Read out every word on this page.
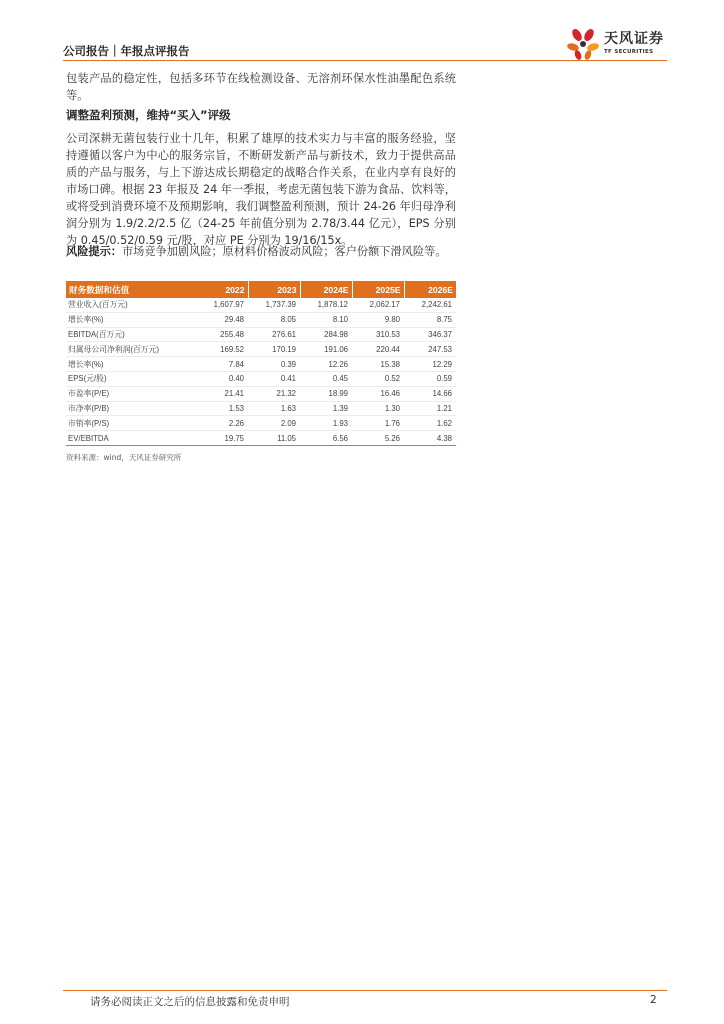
公司报告｜年报点评报告
天风证券
TF SECURITIES

包装产品的稳定性，包括多环节在线检测设备、无溶剂环保水性油墨配色系统等。

调整盈利预测，维持“买入”评级

公司深耕无菌包装行业十几年，积累了雄厚的技术实力与丰富的服务经验，坚持遵循以客户为中心的服务宗旨，不断研发新产品与新技术，致力于提供高品质的产品与服务，与上下游达成长期稳定的战略合作关系，在业内享有良好的市场口碑。根据 23 年报及 24 年一季报，考虑无菌包装下游为食品、饮料等，或将受到消费环境不及预期影响，我们调整盈利预测，预计 24-26 年归母净利润分别为 1.9/2.2/2.5 亿（24-25 年前值分别为 2.78/3.44 亿元），EPS 分别为 0.45/0.52/0.59 元/股，对应 PE 分别为 19/16/15x。

风险提示：市场竞争加剧风险；原材料价格波动风险；客户份额下滑风险等。

财务数据和估值	2022	2023	2024E	2025E	2026E
营业收入(百万元)	1,607.97	1,737.39	1,878.12	2,062.17	2,242.61
增长率(%)	29.48	8.05	8.10	9.80	8.75
EBITDA(百万元)	255.48	276.61	284.98	310.53	346.37
归属母公司净利润(百万元)	169.52	170.19	191.06	220.44	247.53
增长率(%)	7.84	0.39	12.26	15.38	12.29
EPS(元/股)	0.40	0.41	0.45	0.52	0.59
市盈率(P/E)	21.41	21.32	18.99	16.46	14.66
市净率(P/B)	1.53	1.63	1.39	1.30	1.21
市销率(P/S)	2.26	2.09	1.93	1.76	1.62
EV/EBITDA	19.75	11.05	6.56	5.26	4.38
资料来源：wind，天风证券研究所
请务必阅读正文之后的信息披露和免责申明	2
